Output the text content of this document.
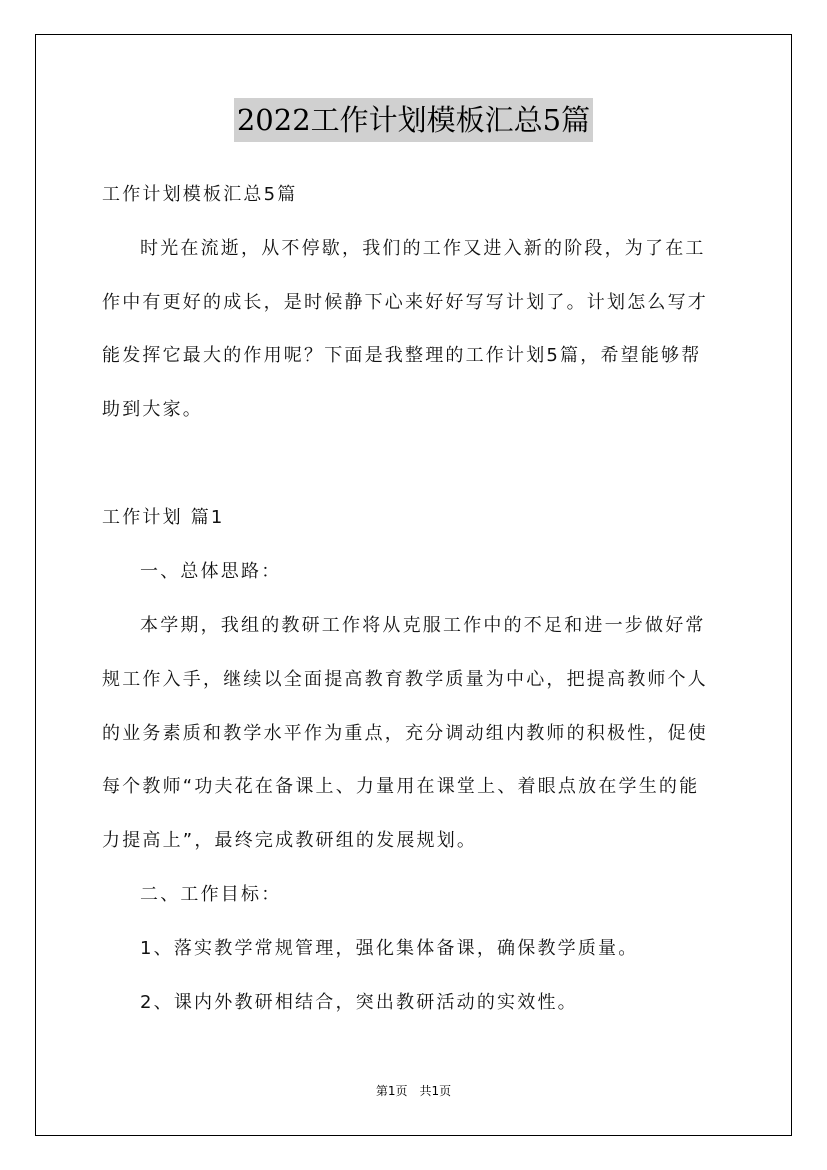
2022工作计划模板汇总5篇
工作计划模板汇总5篇
时光在流逝，从不停歇，我们的工作又进入新的阶段，为了在工
作中有更好的成长，是时候静下心来好好写写计划了。计划怎么写才
能发挥它最大的作用呢？下面是我整理的工作计划5篇，希望能够帮
助到大家。
工作计划 篇1
一、总体思路：
本学期，我组的教研工作将从克服工作中的不足和进一步做好常
规工作入手，继续以全面提高教育教学质量为中心，把提高教师个人
的业务素质和教学水平作为重点，充分调动组内教师的积极性，促使
每个教师“功夫花在备课上、力量用在课堂上、着眼点放在学生的能
力提高上”，最终完成教研组的发展规划。
二、工作目标：
1、落实教学常规管理，强化集体备课，确保教学质量。
2、课内外教研相结合，突出教研活动的实效性。
第1页　共1页
